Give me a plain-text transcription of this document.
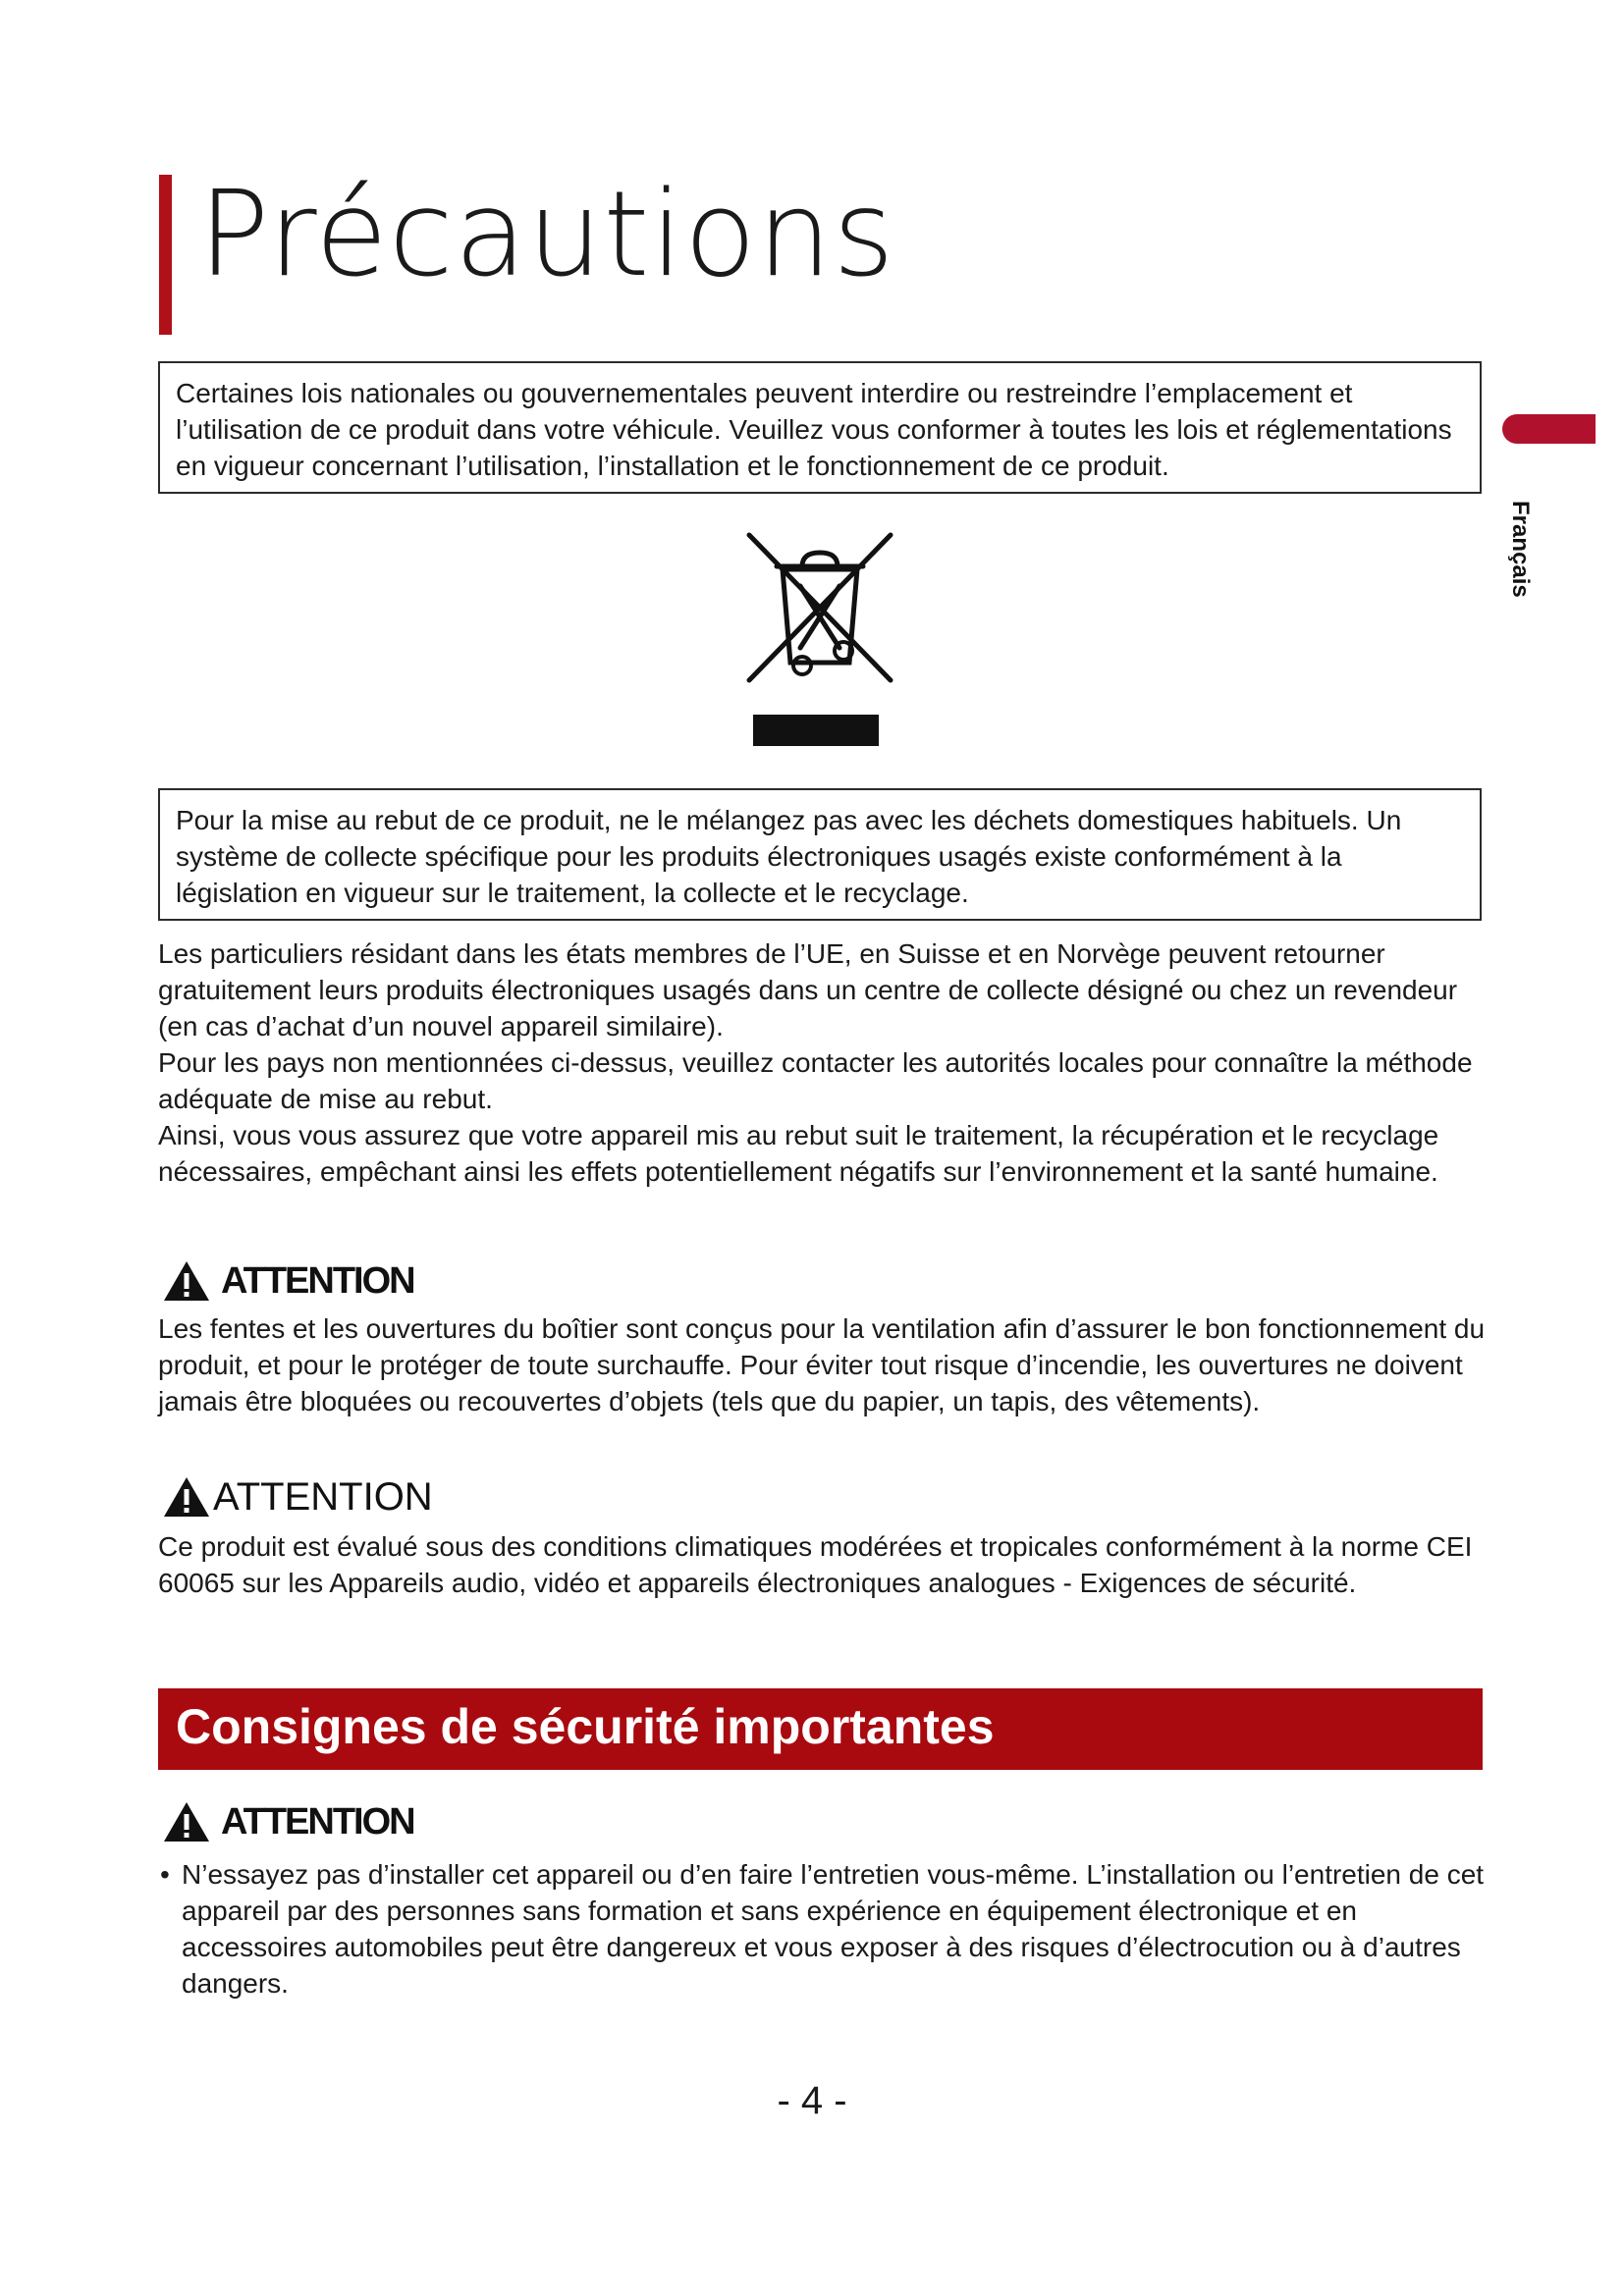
Précautions
Français
Certaines lois nationales ou gouvernementales peuvent interdire ou restreindre l’emplacement et l’utilisation de ce produit dans votre véhicule. Veuillez vous conformer à toutes les lois et réglementations en vigueur concernant l’utilisation, l’installation et le fonctionnement de ce produit.
Pour la mise au rebut de ce produit, ne le mélangez pas avec les déchets domestiques habituels. Un système de collecte spécifique pour les produits électroniques usagés existe conformément à la législation en vigueur sur le traitement, la collecte et le recyclage.
Les particuliers résidant dans les états membres de l’UE, en Suisse et en Norvège peuvent retourner gratuitement leurs produits électroniques usagés dans un centre de collecte désigné ou chez un revendeur (en cas d’achat d’un nouvel appareil similaire).
Pour les pays non mentionnées ci-dessus, veuillez contacter les autorités locales pour connaître la méthode adéquate de mise au rebut.
Ainsi, vous vous assurez que votre appareil mis au rebut suit le traitement, la récupération et le recyclage nécessaires, empêchant ainsi les effets potentiellement négatifs sur l’environnement et la santé humaine.
ATTENTION
Les fentes et les ouvertures du boîtier sont conçus pour la ventilation afin d’assurer le bon fonctionnement du produit, et pour le protéger de toute surchauffe. Pour éviter tout risque d’incendie, les ouvertures ne doivent jamais être bloquées ou recouvertes d’objets (tels que du papier, un tapis, des vêtements).
ATTENTION
Ce produit est évalué sous des conditions climatiques modérées et tropicales conformément à la norme CEI 60065 sur les Appareils audio, vidéo et appareils électroniques analogues - Exigences de sécurité.
Consignes de sécurité importantes
ATTENTION
• N’essayez pas d’installer cet appareil ou d’en faire l’entretien vous-même. L’installation ou l’entretien de cet appareil par des personnes sans formation et sans expérience en équipement électronique et en accessoires automobiles peut être dangereux et vous exposer à des risques d’électrocution ou à d’autres dangers.
- 4 -
